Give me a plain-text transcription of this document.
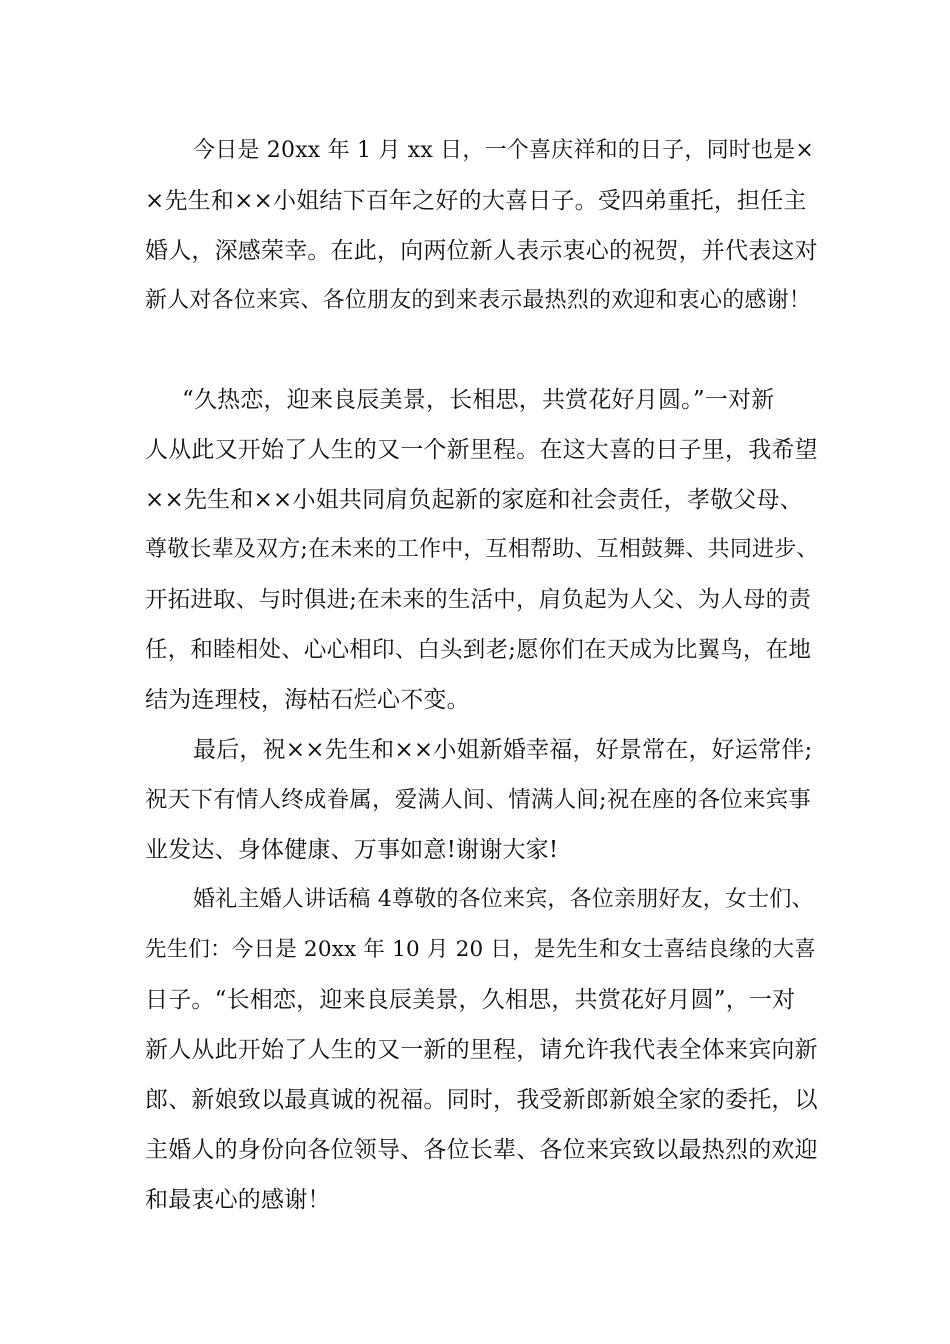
今日是 20xx 年 1 月 xx 日，一个喜庆祥和的日子，同时也是×
×先生和××小姐结下百年之好的大喜日子。受四弟重托，担任主
婚人，深感荣幸。在此，向两位新人表示衷心的祝贺，并代表这对
新人对各位来宾、各位朋友的到来表示最热烈的欢迎和衷心的感谢！
“久热恋，迎来良辰美景，长相思，共赏花好月圆。”一对新
人从此又开始了人生的又一个新里程。在这大喜的日子里，我希望
××先生和××小姐共同肩负起新的家庭和社会责任，孝敬父母、
尊敬长辈及双方;在未来的工作中，互相帮助、互相鼓舞、共同进步、
开拓进取、与时俱进;在未来的生活中，肩负起为人父、为人母的责
任，和睦相处、心心相印、白头到老;愿你们在天成为比翼鸟，在地
结为连理枝，海枯石烂心不变。
最后，祝××先生和××小姐新婚幸福，好景常在，好运常伴;
祝天下有情人终成眷属，爱满人间、情满人间;祝在座的各位来宾事
业发达、身体健康、万事如意!谢谢大家!
婚礼主婚人讲话稿 4尊敬的各位来宾，各位亲朋好友，女士们、
先生们：今日是 20xx 年 10 月 20 日，是先生和女士喜结良缘的大喜
日子。“长相恋，迎来良辰美景，久相思，共赏花好月圆”，一对
新人从此开始了人生的又一新的里程，请允许我代表全体来宾向新
郎、新娘致以最真诚的祝福。同时，我受新郎新娘全家的委托，以
主婚人的身份向各位领导、各位长辈、各位来宾致以最热烈的欢迎
和最衷心的感谢！
